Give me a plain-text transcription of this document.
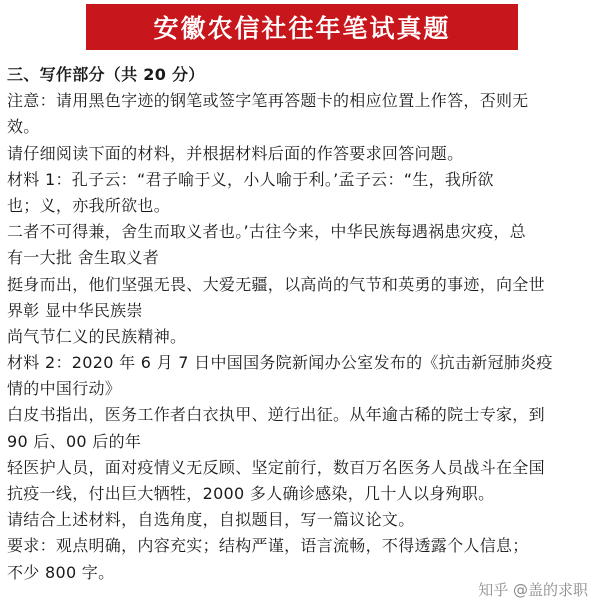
安徽农信社往年笔试真题
三、写作部分（共 20 分）
注意：请用黑色字迹的钢笔或签字笔再答题卡的相应位置上作答，否则无
效。
请仔细阅读下面的材料，并根据材料后面的作答要求回答问题。
材料 1：孔子云：“君子喻于义，小人喻于利。’孟子云：“生，我所欲
也；义，亦我所欲也。
二者不可得兼，舍生而取义者也。’古往今来，中华民族每遇祸患灾疫，总
有一大批 舍生取义者
挺身而出，他们坚强无畏、大爱无疆，以高尚的气节和英勇的事迹，向全世
界彰 显中华民族崇
尚气节仁义的民族精神。
材料 2：2020 年 6 月 7 日中国国务院新闻办公室发布的《抗击新冠肺炎疫
情的中国行动》
白皮书指出，医务工作者白衣执甲、逆行出征。从年逾古稀的院士专家，到
90 后、00 后的年
轻医护人员，面对疫情义无反顾、坚定前行，数百万名医务人员战斗在全国
抗疫一线，付出巨大牺牲，2000 多人确诊感染，几十人以身殉职。
请结合上述材料，自选角度，自拟题目，写一篇议论文。
要求：观点明确，内容充实；结构严谨，语言流畅，不得透露个人信息；
不少 800 字。
知乎 @盖的求职
